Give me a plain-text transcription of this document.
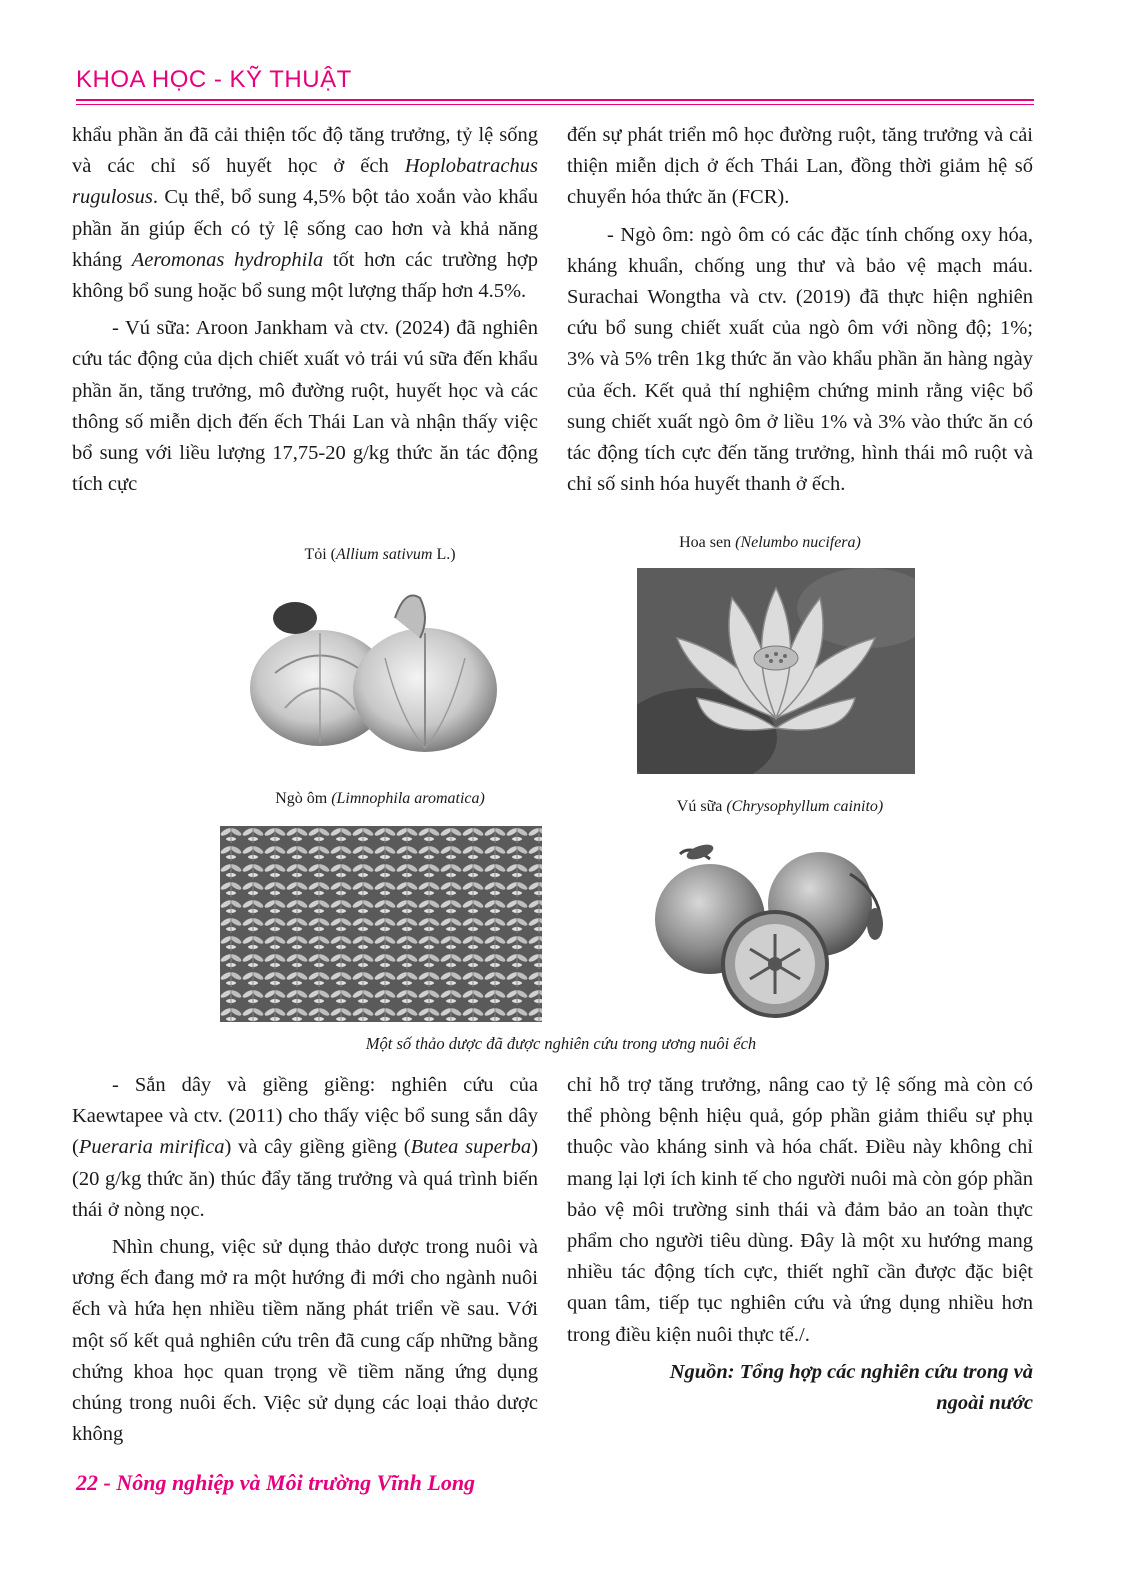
KHOA HỌC - KỸ THUẬT

khẩu phần ăn đã cải thiện tốc độ tăng trưởng, tỷ lệ sống và các chỉ số huyết học ở ếch Hoplobatrachus rugulosus. Cụ thể, bổ sung 4,5% bột tảo xoắn vào khẩu phần ăn giúp ếch có tỷ lệ sống cao hơn và khả năng kháng Aeromonas hydrophila tốt hơn các trường hợp không bổ sung hoặc bổ sung một lượng thấp hơn 4.5%.

- Vú sữa: Aroon Jankham và ctv. (2024) đã nghiên cứu tác động của dịch chiết xuất vỏ trái vú sữa đến khẩu phần ăn, tăng trưởng, mô đường ruột, huyết học và các thông số miễn dịch đến ếch Thái Lan và nhận thấy việc bổ sung với liều lượng 17,75-20 g/kg thức ăn tác động tích cực

đến sự phát triển mô học đường ruột, tăng trưởng và cải thiện miễn dịch ở ếch Thái Lan, đồng thời giảm hệ số chuyển hóa thức ăn (FCR).

- Ngò ôm: ngò ôm có các đặc tính chống oxy hóa, kháng khuẩn, chống ung thư và bảo vệ mạch máu. Surachai Wongtha và ctv. (2019) đã thực hiện nghiên cứu bổ sung chiết xuất của ngò ôm với nồng độ; 1%; 3% và 5% trên 1kg thức ăn vào khẩu phần ăn hàng ngày của ếch. Kết quả thí nghiệm chứng minh rằng việc bổ sung chiết xuất ngò ôm ở liều 1% và 3% vào thức ăn có tác động tích cực đến tăng trưởng, hình thái mô ruột và chỉ số sinh hóa huyết thanh ở ếch.

Tỏi (Allium sativum L.)
Hoa sen (Nelumbo nucifera)
Ngò ôm (Limnophila aromatica)	Vú sữa (Chrysophyllum cainito)
Một số thảo dược đã được nghiên cứu trong ương nuôi ếch

- Sắn dây và giềng giềng: nghiên cứu của Kaewtapee và ctv. (2011) cho thấy việc bổ sung sắn dây (Pueraria mirifica) và cây giềng giềng (Butea superba) (20 g/kg thức ăn) thúc đẩy tăng trưởng và quá trình biến thái ở nòng nọc.

Nhìn chung, việc sử dụng thảo dược trong nuôi và ương ếch đang mở ra một hướng đi mới cho ngành nuôi ếch và hứa hẹn nhiều tiềm năng phát triển về sau. Với một số kết quả nghiên cứu trên đã cung cấp những bằng chứng khoa học quan trọng về tiềm năng ứng dụng chúng trong nuôi ếch. Việc sử dụng các loại thảo dược không

chỉ hỗ trợ tăng trưởng, nâng cao tỷ lệ sống mà còn có thể phòng bệnh hiệu quả, góp phần giảm thiểu sự phụ thuộc vào kháng sinh và hóa chất. Điều này không chỉ mang lại lợi ích kinh tế cho người nuôi mà còn góp phần bảo vệ môi trường sinh thái và đảm bảo an toàn thực phẩm cho người tiêu dùng. Đây là một xu hướng mang nhiều tác động tích cực, thiết nghĩ cần được đặc biệt quan tâm, tiếp tục nghiên cứu và ứng dụng nhiều hơn trong điều kiện nuôi thực tế./.

Nguồn: Tổng hợp các nghiên cứu trong và

ngoài nước

22 - Nông nghiệp và Môi trường Vĩnh Long
